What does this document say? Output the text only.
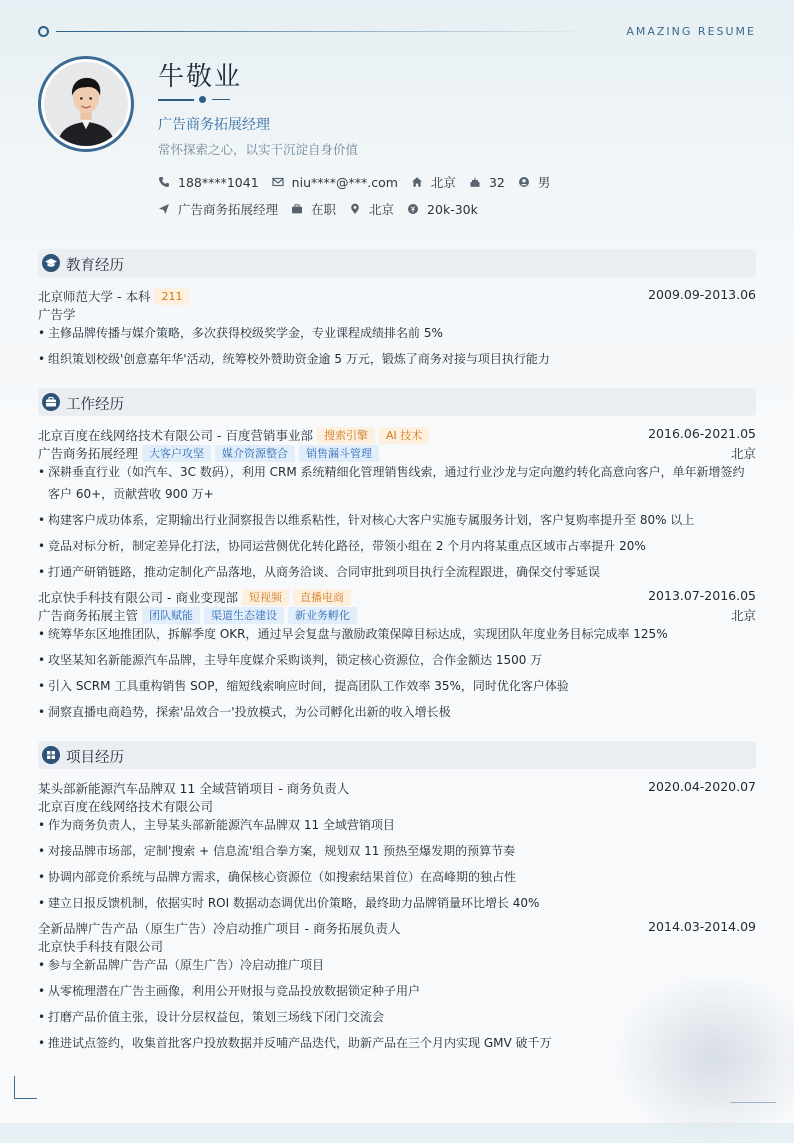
AMAZING RESUME
牛敬业
广告商务拓展经理
常怀探索之心，以实干沉淀自身价值
188****1041	niu****@***.com	北京	32	男
广告商务拓展经理	在职	北京	20k-30k
教育经历
北京师范大学 - 本科 211	2009.09-2013.06
广告学
• 主修品牌传播与媒介策略，多次获得校级奖学金，专业课程成绩排名前 5%
• 组织策划校级'创意嘉年华'活动，统筹校外赞助资金逾 5 万元，锻炼了商务对接与项目执行能力
工作经历
北京百度在线网络技术有限公司 - 百度营销事业部 搜索引擎 AI 技术	2016.06-2021.05
广告商务拓展经理 大客户攻坚 媒介资源整合 销售漏斗管理	北京
• 深耕垂直行业（如汽车、3C 数码），利用 CRM 系统精细化管理销售线索，通过行业沙龙与定向邀约转化高意向客户，单年新增签约
客户 60+，贡献营收 900 万+
• 构建客户成功体系，定期输出行业洞察报告以维系粘性，针对核心大客户实施专属服务计划，客户复购率提升至 80% 以上
• 竞品对标分析，制定差异化打法，协同运营侧优化转化路径，带领小组在 2 个月内将某重点区域市占率提升 20%
• 打通产研销链路，推动定制化产品落地，从商务洽谈、合同审批到项目执行全流程跟进，确保交付零延误
北京快手科技有限公司 - 商业变现部 短视频 直播电商	2013.07-2016.05
广告商务拓展主管 团队赋能 渠道生态建设 新业务孵化	北京
• 统筹华东区地推团队，拆解季度 OKR，通过早会复盘与激励政策保障目标达成，实现团队年度业务目标完成率 125%
• 攻坚某知名新能源汽车品牌，主导年度媒介采购谈判，锁定核心资源位，合作金额达 1500 万
• 引入 SCRM 工具重构销售 SOP，缩短线索响应时间，提高团队工作效率 35%，同时优化客户体验
• 洞察直播电商趋势，探索'品效合一'投放模式，为公司孵化出新的收入增长极
项目经历
某头部新能源汽车品牌双 11 全域营销项目 - 商务负责人	2020.04-2020.07
北京百度在线网络技术有限公司
• 作为商务负责人，主导某头部新能源汽车品牌双 11 全域营销项目
• 对接品牌市场部，定制'搜索 + 信息流'组合拳方案，规划双 11 预热至爆发期的预算节奏
• 协调内部竞价系统与品牌方需求，确保核心资源位（如搜索结果首位）在高峰期的独占性
• 建立日报反馈机制，依据实时 ROI 数据动态调优出价策略，最终助力品牌销量环比增长 40%
全新品牌广告产品（原生广告）冷启动推广项目 - 商务拓展负责人	2014.03-2014.09
北京快手科技有限公司
• 参与全新品牌广告产品（原生广告）冷启动推广项目
• 从零梳理潜在广告主画像，利用公开财报与竞品投放数据锁定种子用户
• 打磨产品价值主张，设计分层权益包，策划三场线下闭门交流会
• 推进试点签约，收集首批客户投放数据并反哺产品迭代，助新产品在三个月内实现 GMV 破千万
